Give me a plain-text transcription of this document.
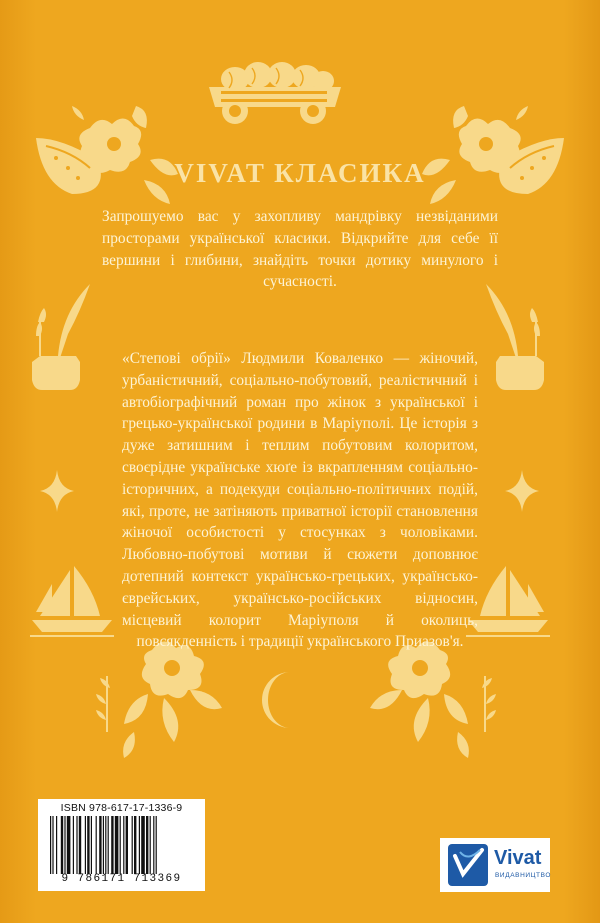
VIVAT КЛАСИКА

Запрошуемо вас у захопливу мандрівку незвіданими просторами української класики. Відкрийте для себе її вершини і глибини, знайдіть точки дотику минулого і сучасності.

«Степові обрії» Людмили Коваленко — жіночий, урбаністичний, соціально-побутовий, реалістичний і автобіографічний роман про жінок з української і грецько-української родини в Маріуполі. Це історія з дуже затишним і теплим побутовим колоритом, своєрідне українське хюґе із вкрапленням соціально-історичних, а подекуди соціально-політичних подій, які, проте, не затіняють приватної історії становлення жіночої особистості у стосунках з чоловіками. Любовно-побутові мотиви й сюжети доповнює дотепний контекст українсько-грецьких, українсько-єврейських, українсько-російських відносин, місцевий колорит Маріуполя й околиць, повсякденність і традиції українського Приазов'я.

ISBN 978-617-17-1336-9
9 786171 713369
Vivat
ВИДАВНИЦТВО
